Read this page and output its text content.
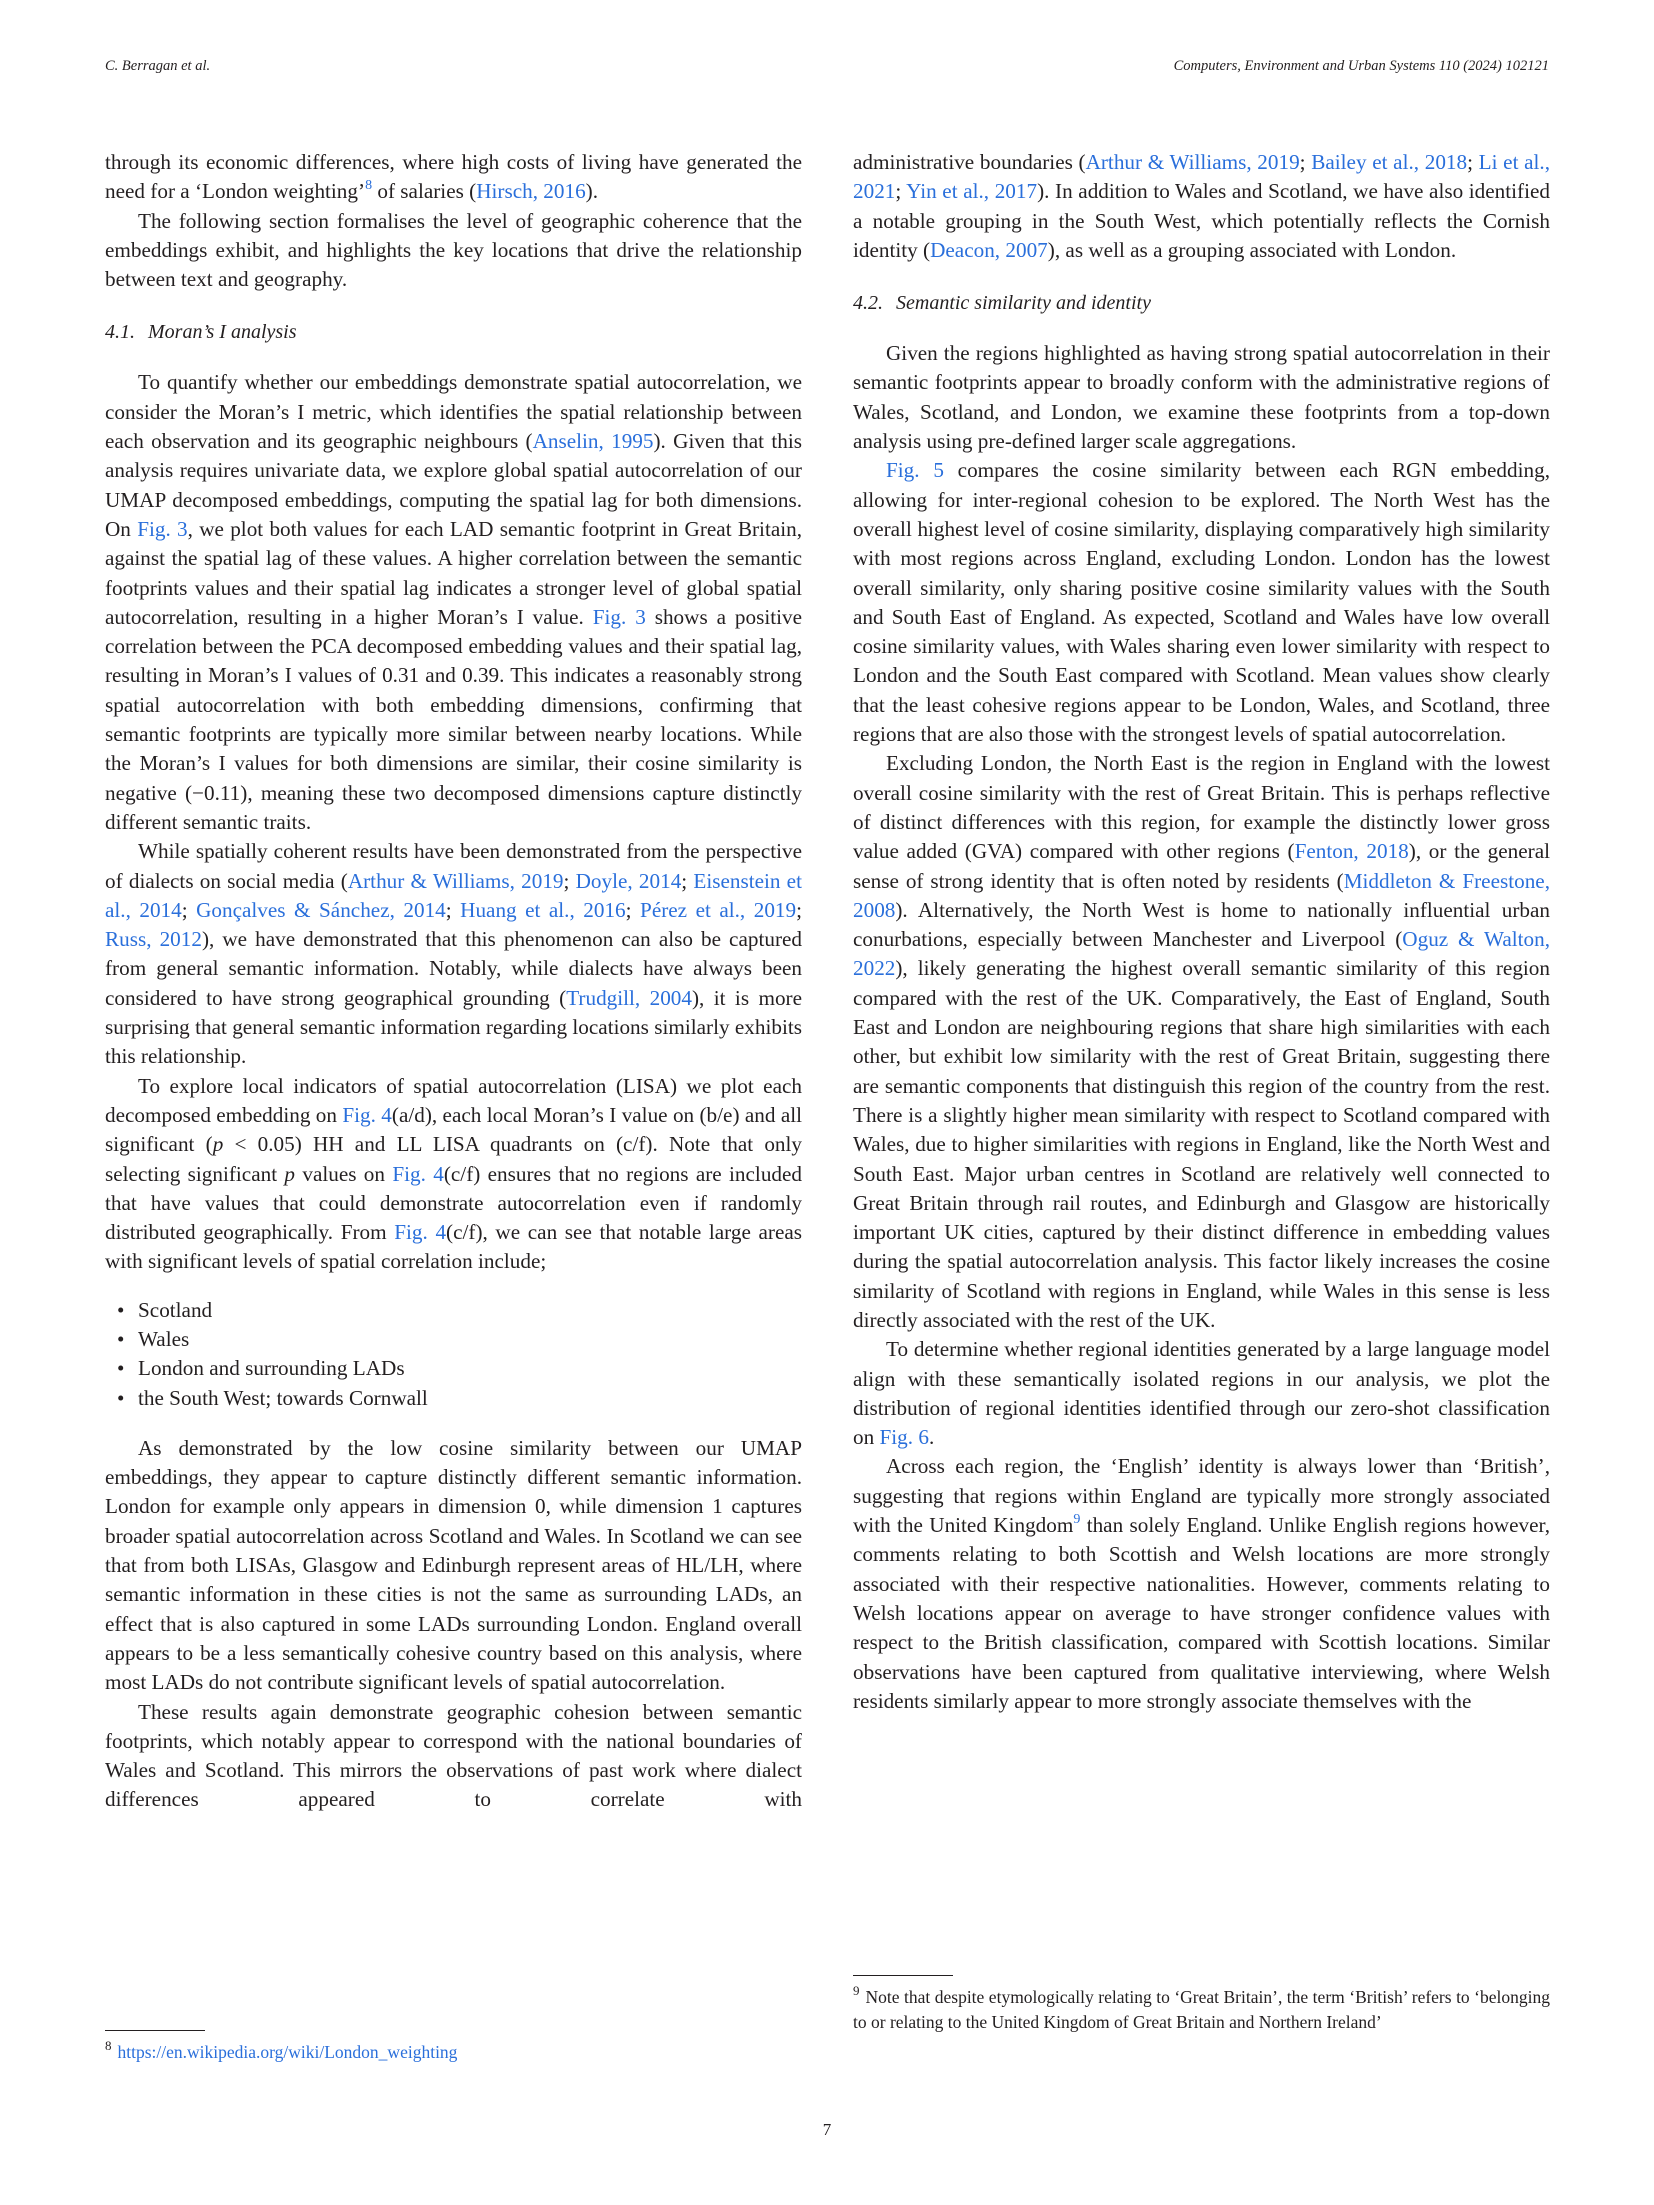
C. Berragan et al.	Computers, Environment and Urban Systems 110 (2024) 102121

through its economic differences, where high costs of living have generated the need for a ‘London weighting’$^8$ of salaries (Hirsch, 2016).

The following section formalises the level of geographic coherence that the embeddings exhibit, and highlights the key locations that drive the relationship between text and geography.

4.1. Moran’s I analysis

To quantify whether our embeddings demonstrate spatial autocorrelation, we consider the Moran’s I metric, which identifies the spatial relationship between each observation and its geographic neighbours (Anselin, 1995). Given that this analysis requires univariate data, we explore global spatial autocorrelation of our UMAP decomposed embeddings, computing the spatial lag for both dimensions. On Fig. 3, we plot both values for each LAD semantic footprint in Great Britain, against the spatial lag of these values. A higher correlation between the semantic footprints values and their spatial lag indicates a stronger level of global spatial autocorrelation, resulting in a higher Moran’s I value. Fig. 3 shows a positive correlation between the PCA decomposed embedding values and their spatial lag, resulting in Moran’s I values of 0.31 and 0.39. This indicates a reasonably strong spatial autocorrelation with both embedding dimensions, confirming that semantic footprints are typically more similar between nearby locations. While the Moran’s I values for both dimensions are similar, their cosine similarity is negative (−0.11), meaning these two decomposed dimensions capture distinctly different semantic traits.

While spatially coherent results have been demonstrated from the perspective of dialects on social media (Arthur & Williams, 2019; Doyle, 2014; Eisenstein et al., 2014; Gonçalves & Sánchez, 2014; Huang et al., 2016; Pérez et al., 2019; Russ, 2012), we have demonstrated that this phenomenon can also be captured from general semantic information. Notably, while dialects have always been considered to have strong geographical grounding (Trudgill, 2004), it is more surprising that general semantic information regarding locations similarly exhibits this relationship.

To explore local indicators of spatial autocorrelation (LISA) we plot each decomposed embedding on Fig. 4(a/d), each local Moran’s I value on (b/e) and all significant (p < 0.05) HH and LL LISA quadrants on (c/f). Note that only selecting significant p values on Fig. 4(c/f) ensures that no regions are included that have values that could demonstrate autocorrelation even if randomly distributed geographically. From Fig. 4(c/f), we can see that notable large areas with significant levels of spatial correlation include;

• Scotland
• Wales
• London and surrounding LADs
• the South West; towards Cornwall

As demonstrated by the low cosine similarity between our UMAP embeddings, they appear to capture distinctly different semantic information. London for example only appears in dimension 0, while dimension 1 captures broader spatial autocorrelation across Scotland and Wales. In Scotland we can see that from both LISAs, Glasgow and Edinburgh represent areas of HL/LH, where semantic information in these cities is not the same as surrounding LADs, an effect that is also captured in some LADs surrounding London. England overall appears to be a less semantically cohesive country based on this analysis, where most LADs do not contribute significant levels of spatial autocorrelation.

These results again demonstrate geographic cohesion between semantic footprints, which notably appear to correspond with the national boundaries of Wales and Scotland. This mirrors the observations of past work where dialect differences appeared to correlate with

$^8$ https://en.wikipedia.org/wiki/London_weighting

administrative boundaries (Arthur & Williams, 2019; Bailey et al., 2018; Li et al., 2021; Yin et al., 2017). In addition to Wales and Scotland, we have also identified a notable grouping in the South West, which potentially reflects the Cornish identity (Deacon, 2007), as well as a grouping associated with London.

4.2. Semantic similarity and identity

Given the regions highlighted as having strong spatial autocorrelation in their semantic footprints appear to broadly conform with the administrative regions of Wales, Scotland, and London, we examine these footprints from a top-down analysis using pre-defined larger scale aggregations.

Fig. 5 compares the cosine similarity between each RGN embedding, allowing for inter-regional cohesion to be explored. The North West has the overall highest level of cosine similarity, displaying comparatively high similarity with most regions across England, excluding London. London has the lowest overall similarity, only sharing positive cosine similarity values with the South and South East of England. As expected, Scotland and Wales have low overall cosine similarity values, with Wales sharing even lower similarity with respect to London and the South East compared with Scotland. Mean values show clearly that the least cohesive regions appear to be London, Wales, and Scotland, three regions that are also those with the strongest levels of spatial autocorrelation.

Excluding London, the North East is the region in England with the lowest overall cosine similarity with the rest of Great Britain. This is perhaps reflective of distinct differences with this region, for example the distinctly lower gross value added (GVA) compared with other regions (Fenton, 2018), or the general sense of strong identity that is often noted by residents (Middleton & Freestone, 2008). Alternatively, the North West is home to nationally influential urban conurbations, especially between Manchester and Liverpool (Oguz & Walton, 2022), likely generating the highest overall semantic similarity of this region compared with the rest of the UK. Comparatively, the East of England, South East and London are neighbouring regions that share high similarities with each other, but exhibit low similarity with the rest of Great Britain, suggesting there are semantic components that distinguish this region of the country from the rest. There is a slightly higher mean similarity with respect to Scotland compared with Wales, due to higher similarities with regions in England, like the North West and South East. Major urban centres in Scotland are relatively well connected to Great Britain through rail routes, and Edinburgh and Glasgow are historically important UK cities, captured by their distinct difference in embedding values during the spatial autocorrelation analysis. This factor likely increases the cosine similarity of Scotland with regions in England, while Wales in this sense is less directly associated with the rest of the UK.

To determine whether regional identities generated by a large language model align with these semantically isolated regions in our analysis, we plot the distribution of regional identities identified through our zero-shot classification on Fig. 6.

Across each region, the ‘English’ identity is always lower than ‘British’, suggesting that regions within England are typically more strongly associated with the United Kingdom$^9$ than solely England. Unlike English regions however, comments relating to both Scottish and Welsh locations are more strongly associated with their respective nationalities. However, comments relating to Welsh locations appear on average to have stronger confidence values with respect to the British classification, compared with Scottish locations. Similar observations have been captured from qualitative interviewing, where Welsh residents similarly appear to more strongly associate themselves with the

$^9$ Note that despite etymologically relating to ‘Great Britain’, the term ‘British’ refers to ‘belonging to or relating to the United Kingdom of Great Britain and Northern Ireland’
7
